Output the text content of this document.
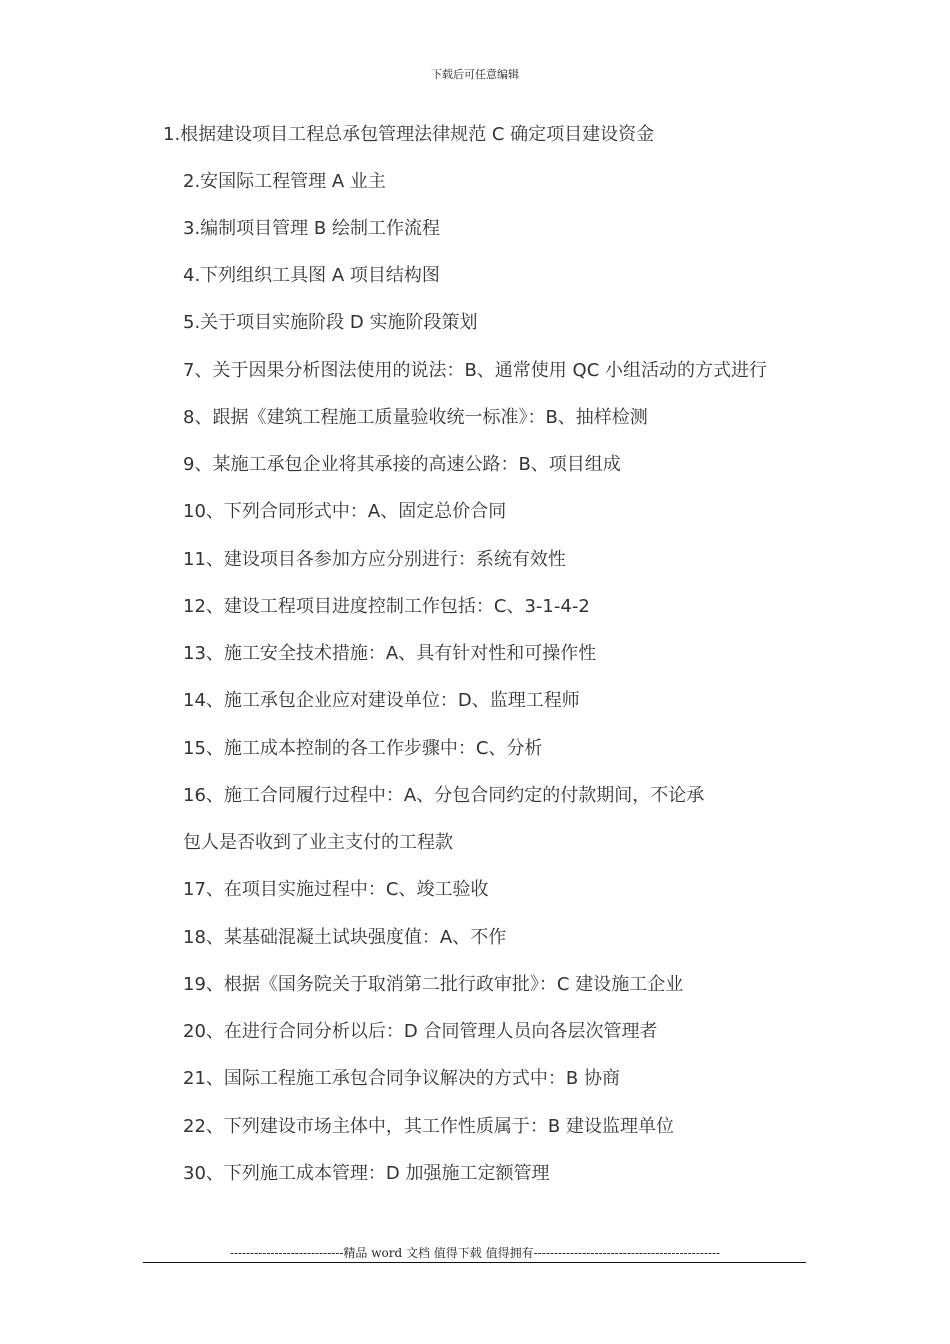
下载后可任意编辑
1.根据建设项目工程总承包管理法律规范 C 确定项目建设资金
2.安国际工程管理 A 业主
3.编制项目管理 B 绘制工作流程
4.下列组织工具图 A 项目结构图
5.关于项目实施阶段 D 实施阶段策划
7、关于因果分析图法使用的说法：B、通常使用 QC 小组活动的方式进行
8、跟据《建筑工程施工质量验收统一标准》：B、抽样检测
9、某施工承包企业将其承接的高速公路：B、项目组成
10、下列合同形式中：A、固定总价合同
11、建设项目各参加方应分别进行：系统有效性
12、建设工程项目进度控制工作包括：C、3-1-4-2
13、施工安全技术措施：A、具有针对性和可操作性
14、施工承包企业应对建设单位：D、监理工程师
15、施工成本控制的各工作步骤中：C、分析
16、施工合同履行过程中：A、分包合同约定的付款期间，不论承
包人是否收到了业主支付的工程款
17、在项目实施过程中：C、竣工验收
18、某基础混凝土试块强度值：A、不作
19、根据《国务院关于取消第二批行政审批》：C 建设施工企业
20、在进行合同分析以后：D 合同管理人员向各层次管理者
21、国际工程施工承包合同争议解决的方式中：B 协商
22、下列建设市场主体中，其工作性质属于：B 建设监理单位
30、下列施工成本管理：D 加强施工定额管理
----------------------------精品 word 文档 值得下载 值得拥有----------------------------------------------
